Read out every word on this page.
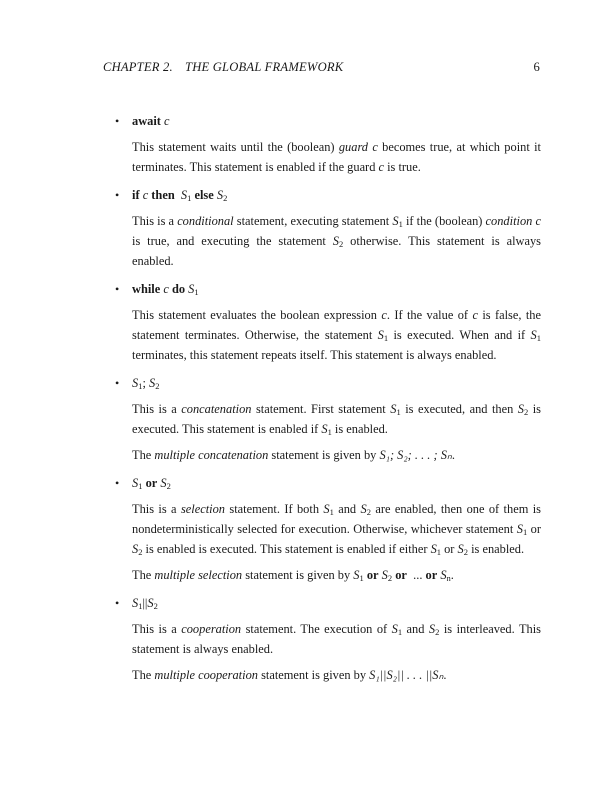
CHAPTER 2. THE GLOBAL FRAMEWORK	6
• await c

This statement waits until the (boolean) guard c becomes true, at which point it terminates. This statement is enabled if the guard c is true.

• if c then $S_1$ else $S_2$

This is a conditional statement, executing statement $S_1$ if the (boolean) condition c is true, and executing the statement $S_2$ otherwise. This statement is always enabled.

• while c do $S_1$

This statement evaluates the boolean expression c. If the value of c is false, the statement terminates. Otherwise, the statement $S_1$ is executed. When and if $S_1$ terminates, this statement repeats itself. This statement is always enabled.

• $S_1$; $S_2$

This is a concatenation statement. First statement $S_1$ is executed, and then $S_2$ is executed. This statement is enabled if $S_1$ is enabled.

The multiple concatenation statement is given by S₁; S₂; . . . ; Sₙ.

• $S_1$ or $S_2$

This is a selection statement. If both $S_1$ and $S_2$ are enabled, then one of them is nondeterministically selected for execution. Otherwise, whichever statement $S_1$ or $S_2$ is enabled is executed. This statement is enabled if either $S_1$ or $S_2$ is enabled.

The multiple selection statement is given by $S_1$ or $S_2$ or ... or $S_n$.

• $S_1||S_2$

This is a cooperation statement. The execution of $S_1$ and $S_2$ is interleaved. This statement is always enabled.

The multiple cooperation statement is given by S₁||S₂|| . . . ||Sₙ.
